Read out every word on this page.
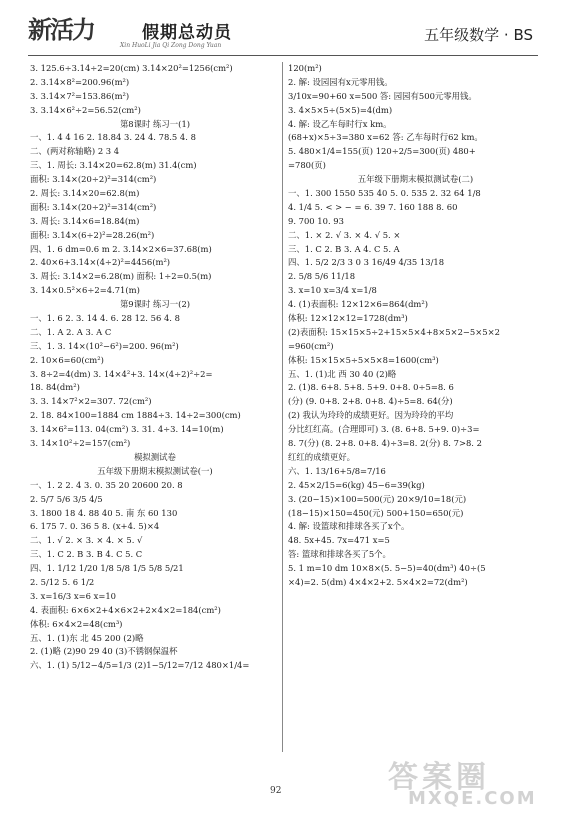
新活力	假期总动员
Xin HuoLi Jia Qi Zong Dong Yuan
五年级数学 · BS
3. 125.6÷3.14÷2=20(cm) 3.14×20²=1256(cm²)
2. 3.14×8²=200.96(m²)
3. 3.14×7²=153.86(m²)
3. 3.14×6²÷2=56.52(cm²)
第8课时 练习一(1)
一、1. 4 4 16 2. 18.84 3. 24 4. 78.5 4. 8
二、(两对称轴略) 2 3 4
三、1. 周长: 3.14×20=62.8(m) 31.4(cm)
面积: 3.14×(20÷2)²=314(cm²)
2. 周长: 3.14×20=62.8(m)
面积: 3.14×(20÷2)²=314(cm²)
3. 周长: 3.14×6=18.84(m)
面积: 3.14×(6÷2)²=28.26(m²)
四、1. 6 dm=0.6 m 2. 3.14×2×6=37.68(m)
2. 40×6+3.14×(4÷2)²=4456(m²)
3. 周长: 3.14×2=6.28(m) 面积: 1÷2=0.5(m)
3. 14×0.5²×6÷2=4.71(m)
第9课时 练习一(2)
一、1. 6 2. 3. 14 4. 6. 28 12. 56 4. 8
二、1. A 2. A 3. A C
三、1. 3. 14×(10²−6²)=200. 96(m²)
2. 10×6=60(cm²)
3. 8÷2=4(dm) 3. 14×4²+3. 14×(4÷2)²÷2=
18. 84(dm²)
3. 3. 14×7²×2=307. 72(cm²)
2. 18. 84×100=1884 cm 1884÷3. 14÷2=300(cm)
3. 14×6²=113. 04(cm²) 3. 31. 4÷3. 14=10(m)
3. 14×10²÷2=157(cm²)
模拟测试卷
五年级下册期末模拟测试卷(一)
一、1. 2 2. 4 3. 0. 35 20 20600 20. 8
2. 5/7 5/6 3/5 4/5
3. 1800 18 4. 88 40 5. 南 东 60 130
6. 175 7. 0. 36 5 8. (x+4. 5)×4
二、1. √ 2. × 3. × 4. × 5. √
三、1. C 2. B 3. B 4. C 5. C
四、1. 1/12 1/20 1/8 5/8 1/5 5/8 5/21
2. 5/12 5. 6 1/2
3. x=16/3 x=6 x=10
4. 表面积: 6×6×2+4×6×2+2×4×2=184(cm²)
体积: 6×4×2=48(cm³)
五、1. (1)东 北 45 200 (2)略
2. (1)略 (2)90 29 40 (3)不锈钢保温杯
六、1. (1) 5/12−4/5=1/3 (2)1−5/12=7/12 480×1/4=
120(m²)
2. 解: 设园园有x元零用钱。
3/10x=90+60 x=500 答: 园园有500元零用钱。
3. 4×5×5÷(5×5)=4(dm)
4. 解: 设乙车每时行x km。
(68+x)×5÷3=380 x=62 答: 乙车每时行62 km。
5. 480×1/4=155(页) 120÷2/5=300(页) 480+
=780(页)
五年级下册期末模拟测试卷(二)
一、1. 300 1550 535 40 5. 0. 535 2. 32 64 1/8
4. 1/4 5. < > − = 6. 39 7. 160 188 8. 60
9. 700 10. 93
二、1. × 2. √ 3. × 4. √ 5. ×
三、1. C 2. B 3. A 4. C 5. A
四、1. 5/2 2/3 3 0 3 16/49 4/35 13/18
2. 5/8 5/6 11/18
3. x=10 x=3/4 x=1/8
4. (1)表面积: 12×12×6=864(dm²)
体积: 12×12×12=1728(dm³)
(2)表面积: 15×15×5÷2+15×5×4+8×5×2−5×5×2
=960(cm²)
体积: 15×15×5÷5×5×8=1600(cm³)
五、1. (1)北 西 30 40 (2)略
2. (1)8. 6+8. 5+8. 5+9. 0+8. 0÷5=8. 6
(分) (9. 0+8. 2+8. 0+8. 4)÷5=8. 64(分)
(2) 我认为玲玲的成绩更好。因为玲玲的平均
分比红红高。(合理即可) 3. (8. 6+8. 5+9. 0)÷3=
8. 7(分) (8. 2+8. 0+8. 4)÷3=8. 2(分) 8. 7>8. 2
红红的成绩更好。
六、1. 13/16+5/8=7/16
2. 45×2/15=6(kg) 45−6=39(kg)
3. (20−15)×100=500(元) 20×9/10=18(元)
(18−15)×150=450(元) 500+150=650(元)
4. 解: 设篮球和排球各买了x个。
48. 5x+45. 7x=471 x=5
答: 篮球和排球各买了5个。
5. 1 m=10 dm 10×8×(5. 5−5)=40(dm³) 40÷(5
×4)=2. 5(dm) 4×4×2+2. 5×4×2=72(dm²)
92	答案圈
MXQE.COM
